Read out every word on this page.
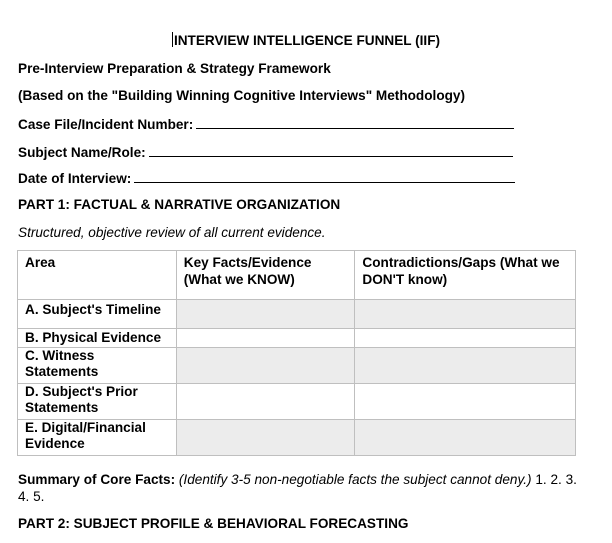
INTERVIEW INTELLIGENCE FUNNEL (IIF)
Pre-Interview Preparation & Strategy Framework
(Based on the "Building Winning Cognitive Interviews" Methodology)
Case File/Incident Number:
Subject Name/Role:
Date of Interview:
PART 1: FACTUAL & NARRATIVE ORGANIZATION
Structured, objective review of all current evidence.
Area	Key Facts/Evidence (What we KNOW)	Contradictions/Gaps (What we DON'T know)
A. Subject's Timeline		
B. Physical Evidence		
C. Witness Statements		
D. Subject's Prior Statements		
E. Digital/Financial Evidence		
Summary of Core Facts: (Identify 3-5 non-negotiable facts the subject cannot deny.) 1. 2. 3. 4. 5.
PART 2: SUBJECT PROFILE & BEHAVIORAL FORECASTING
